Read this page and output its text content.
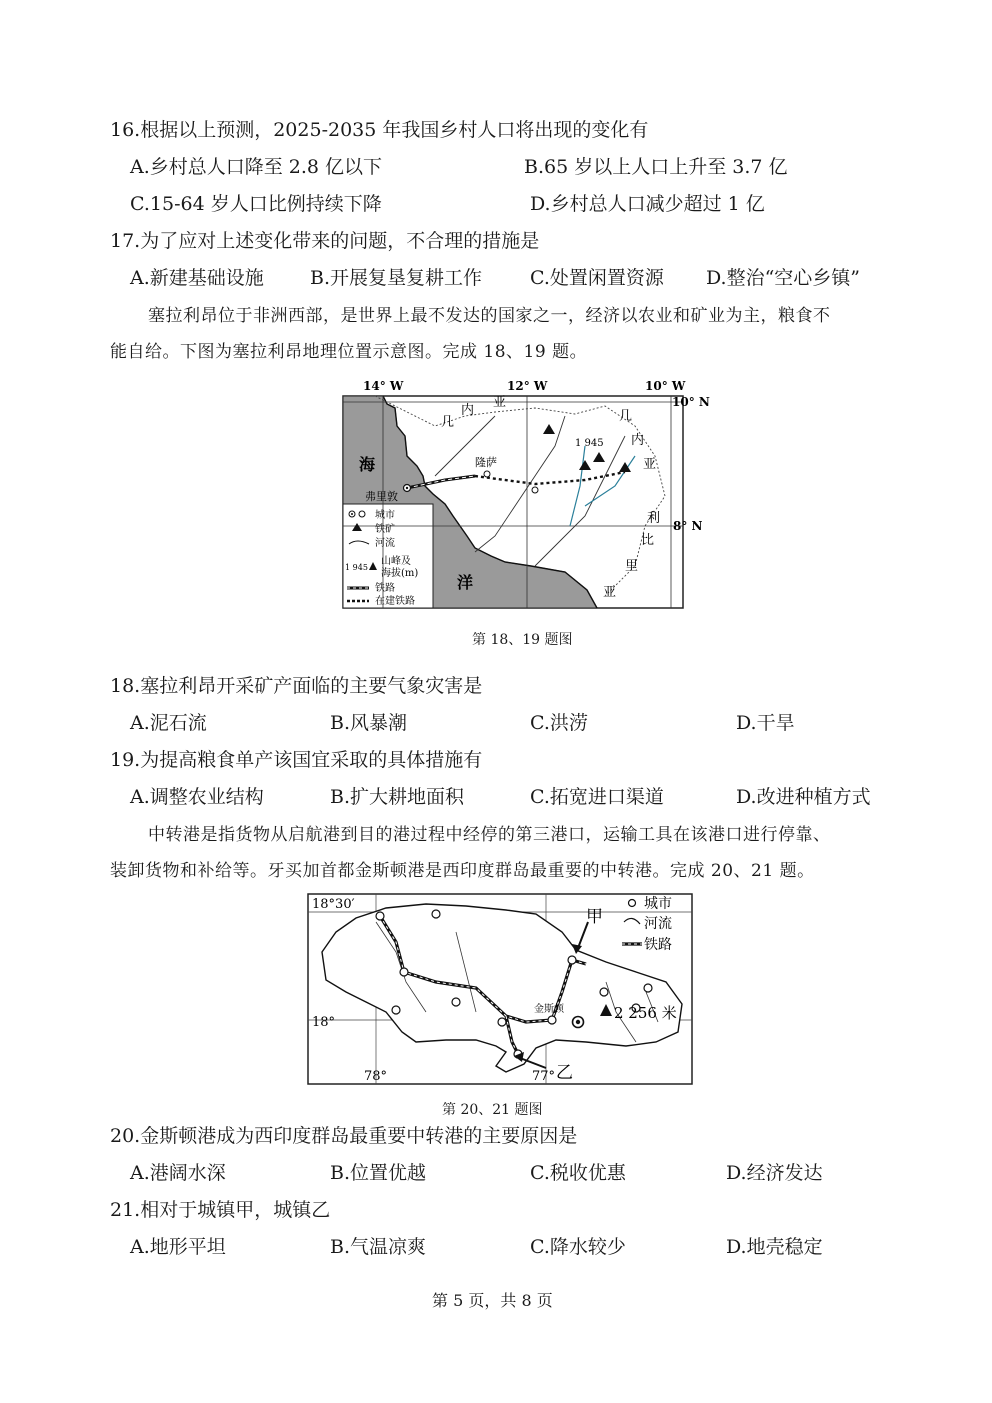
16.根据以上预测，2025-2035 年我国乡村人口将出现的变化有
A.乡村总人口降至 2.8 亿以下	B.65 岁以上人口上升至 3.7 亿
C.15-64 岁人口比例持续下降	D.乡村总人口减少超过 1 亿
17.为了应对上述变化带来的问题，不合理的措施是
A.新建基础设施 B.开展复垦复耕工作	C.处置闲置资源 D.整治“空心乡镇”
塞拉利昂位于非洲西部，是世界上最不发达的国家之一，经济以农业和矿业为主，粮食不
能自给。下图为塞拉利昂地理位置示意图。完成 18、19 题。
14° W	12° W	10° W
10° N
8° N
几
内
亚
几
内
亚
利
比
里
亚
海
洋
弗里敦
隆萨
1 945
城市
铁矿
河流
1 945
山峰及
海拔(m)
铁路
在建铁路
第 18、19 题图
18.塞拉利昂开采矿产面临的主要气象灾害是
A.泥石流	B.风暴潮	C.洪涝	D.干旱
19.为提高粮食单产该国宜采取的具体措施有
A.调整农业结构	B.扩大耕地面积	C.拓宽进口渠道	D.改进种植方式
中转港是指货物从启航港到目的港过程中经停的第三港口，运输工具在该港口进行停靠、
装卸货物和补给等。牙买加首都金斯顿港是西印度群岛最重要的中转港。完成 20、21 题。
18°30′
18°
78°	77°
甲
乙
金斯顿	2 256 米
城市
河流
铁路
第 20、21 题图
20.金斯顿港成为西印度群岛最重要中转港的主要原因是
A.港阔水深	B.位置优越	C.税收优惠	D.经济发达
21.相对于城镇甲，城镇乙
A.地形平坦	B.气温凉爽	C.降水较少	D.地壳稳定
第 5 页，共 8 页
